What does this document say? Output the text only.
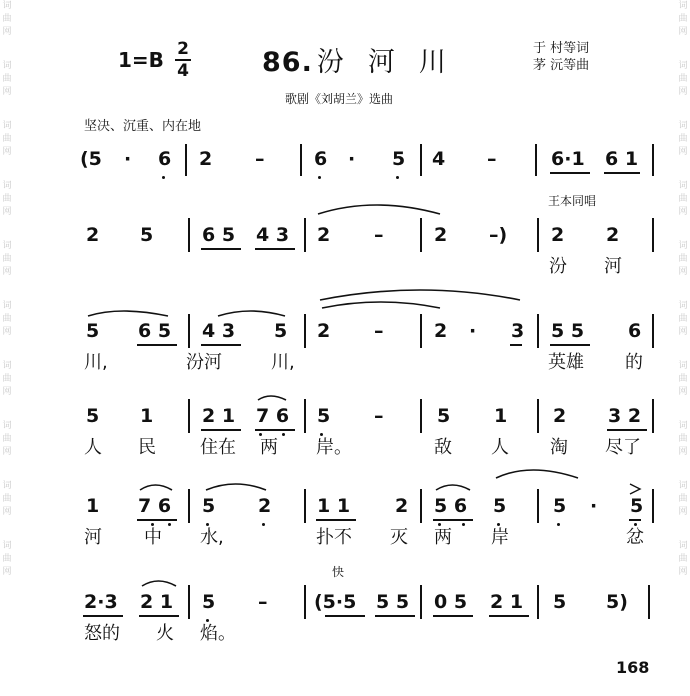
词
曲
网
词
曲
网
词
曲
网
词
曲
网
词
曲
网
词
曲
网
词
曲
网
词
曲
网
词
曲
网
词
曲
网
词
曲
网
词
曲
网
词
曲
网
词
曲
网
词
曲
网
词
曲
网
词
曲
网
词
曲
网
词
曲
网
词
曲
网
1=B 2
4	86. 汾河川	于 村等词
茅 沅等曲
歌剧《刘胡兰》选曲
坚决、沉重、内在地
王本同唱
快
(5 · 6 2 –	6 · 5 4 –	6·1 6 1
2 5	6 5 4 3 2 –	2 –) 2 2
汾 河
5 6 5 4 3 5 2 –	2 · 3 5 5 6
川,	汾河	川,	英雄 的
5 1	2 1 7 6 5 –	5 1 2 3 2
人 民 住在 两 岸。	敌 人 淘 尽了
1 7 6 5 2 1 1 2 5 6 5 5 · 5
河 中 水,	扑不 灭 两 岸	忿
2·3 2 1 5 – (5·5 5 5 0 5 2 1 5 5)
怒的 火 焰。
168
